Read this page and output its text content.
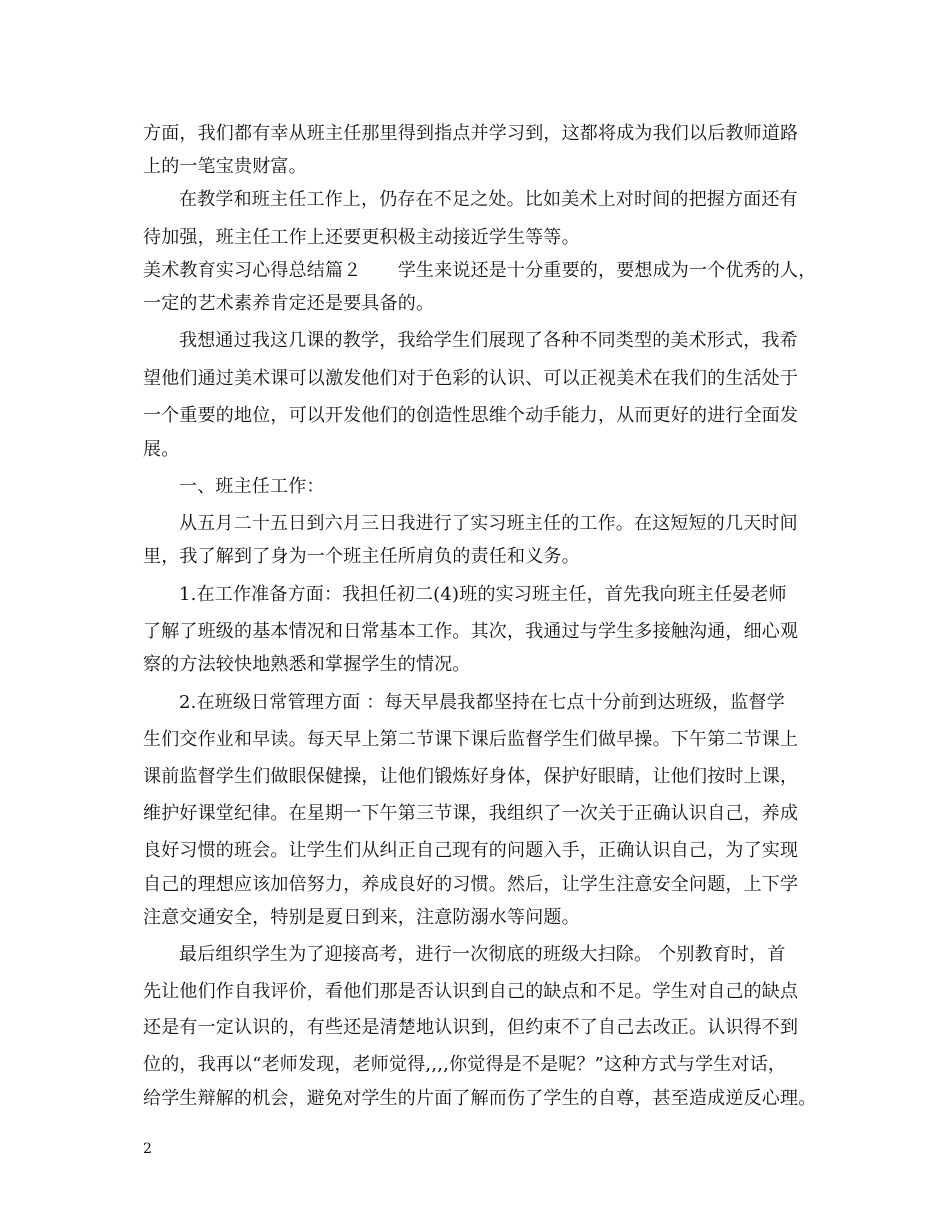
方面，我们都有幸从班主任那里得到指点并学习到，这都将成为我们以后教师道路
上的一笔宝贵财富。
在教学和班主任工作上，仍存在不足之处。比如美术上对时间的把握方面还有
待加强，班主任工作上还要更积极主动接近学生等等。
美术教育实习心得总结篇２　　学生来说还是十分重要的，要想成为一个优秀的人，
一定的艺术素养肯定还是要具备的。
我想通过我这几课的教学，我给学生们展现了各种不同类型的美术形式，我希
望他们通过美术课可以激发他们对于色彩的认识、可以正视美术在我们的生活处于
一个重要的地位，可以开发他们的创造性思维个动手能力，从而更好的进行全面发
展。
一、班主任工作：
从五月二十五日到六月三日我进行了实习班主任的工作。在这短短的几天时间
里，我了解到了身为一个班主任所肩负的责任和义务。
1.在工作准备方面：我担任初二(4)班的实习班主任，首先我向班主任晏老师
了解了班级的基本情况和日常基本工作。其次，我通过与学生多接触沟通，细心观
察的方法较快地熟悉和掌握学生的情况。
2.在班级日常管理方面 ：每天早晨我都坚持在七点十分前到达班级，监督学
生们交作业和早读。每天早上第二节课下课后监督学生们做早操。下午第二节课上
课前监督学生们做眼保健操，让他们锻炼好身体，保护好眼睛，让他们按时上课，
维护好课堂纪律。在星期一下午第三节课，我组织了一次关于正确认识自己，养成
良好习惯的班会。让学生们从纠正自己现有的问题入手，正确认识自己，为了实现
自己的理想应该加倍努力，养成良好的习惯。然后，让学生注意安全问题，上下学
注意交通安全，特别是夏日到来，注意防溺水等问题。
最后组织学生为了迎接高考，进行一次彻底的班级大扫除。 个别教育时，首
先让他们作自我评价，看他们那是否认识到自己的缺点和不足。学生对自己的缺点
还是有一定认识的，有些还是清楚地认识到，但约束不了自己去改正。认识得不到
位的，我再以“老师发现，老师觉得,,,,你觉得是不是呢？”这种方式与学生对话，
给学生辩解的机会，避免对学生的片面了解而伤了学生的自尊，甚至造成逆反心理。
2
